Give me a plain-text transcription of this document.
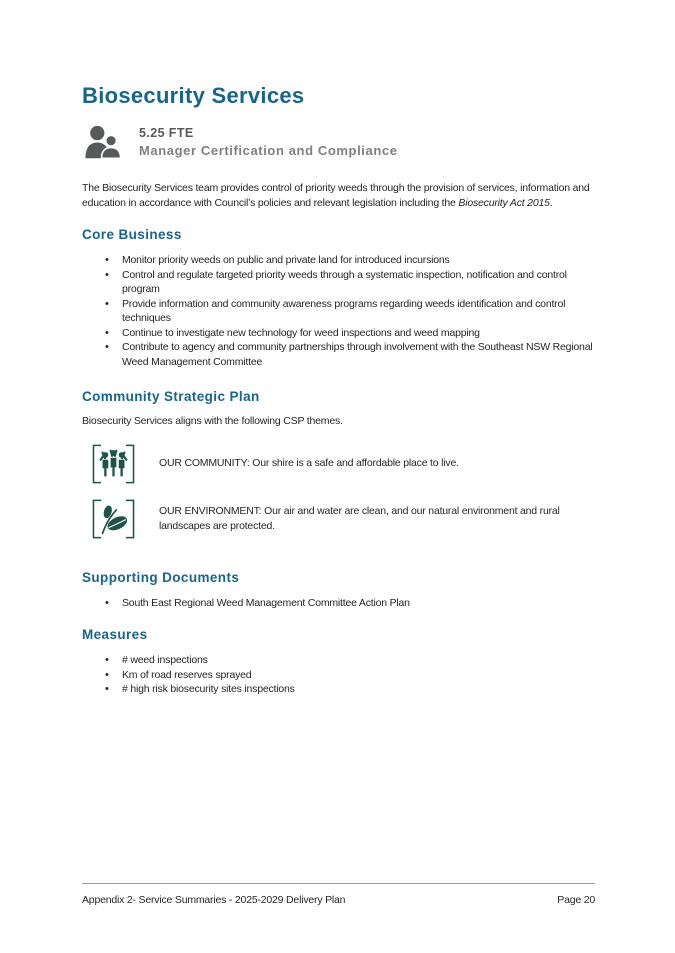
Biosecurity Services
5.25 FTE
Manager Certification and Compliance

The Biosecurity Services team provides control of priority weeds through the provision of services, information and education in accordance with Council’s policies and relevant legislation including the Biosecurity Act 2015.

Core Business
• Monitor priority weeds on public and private land for introduced incursions
• Control and regulate targeted priority weeds through a systematic inspection, notification and control program
• Provide information and community awareness programs regarding weeds identification and control techniques
• Continue to investigate new technology for weed inspections and weed mapping
• Contribute to agency and community partnerships through involvement with the Southeast NSW Regional Weed Management Committee
Community Strategic Plan

Biosecurity Services aligns with the following CSP themes.

OUR COMMUNITY: Our shire is a safe and affordable place to live.

OUR ENVIRONMENT: Our air and water are clean, and our natural environment and rural landscapes are protected.

Supporting Documents
• South East Regional Weed Management Committee Action Plan
Measures
• # weed inspections
• Km of road reserves sprayed
• # high risk biosecurity sites inspections
Appendix 2- Service Summaries - 2025-2029 Delivery Plan	Page 20
